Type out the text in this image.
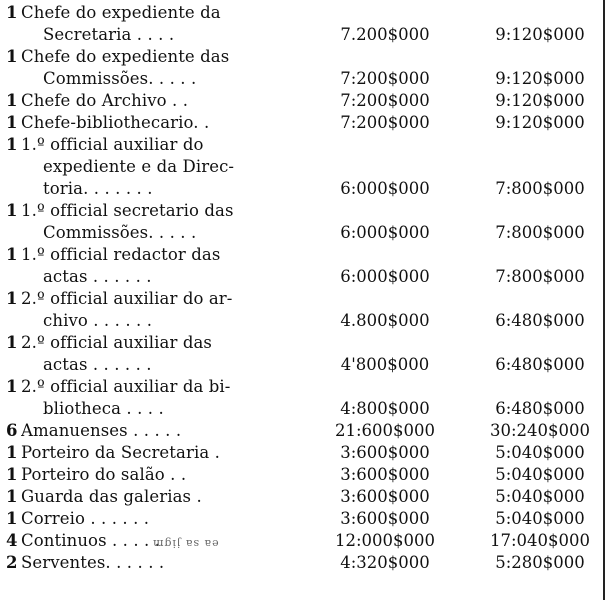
1 Chefe do expediente da
Secretaria . . . .	7.200$000	9:120$000
1 Chefe do expediente das
Commissões. . . . .	7:200$000	9:120$000
1 Chefe do Archivo . .	7:200$000	9:120$000
1 Chefe-bibliothecario. .	7:200$000	9:120$000
1 1.º official auxiliar do
expediente e da Direc-
toria. . . . . . .	6:000$000	7:800$000
1 1.º official secretario das
Commissões. . . . .	6:000$000	7:800$000
1 1.º official redactor das
actas . . . . . .	6:000$000	7:800$000
1 2.º official auxiliar do ar-
chivo . . . . . .	4.800$000	6:480$000
1 2.º official auxiliar das
actas . . . . . .	4'800$000	6:480$000
1 2.º official auxiliar da bi-
bliotheca . . . .	4:800$000	6:480$000
6 Amanuenses . . . . .	21:600$000	30:240$000
1 Porteiro da Secretaria .	3:600$000	5:040$000
1 Porteiro do salão . .	3:600$000	5:040$000
1 Guarda das galerias .	3:600$000	5:040$000
1 Correio . . . . . .	3:600$000	5:040$000
4 Continuos . . . . .	12:000$000	17:040$000
2 Serventes. . . . . .	4:320$000	5:280$000
ea sa jigm
